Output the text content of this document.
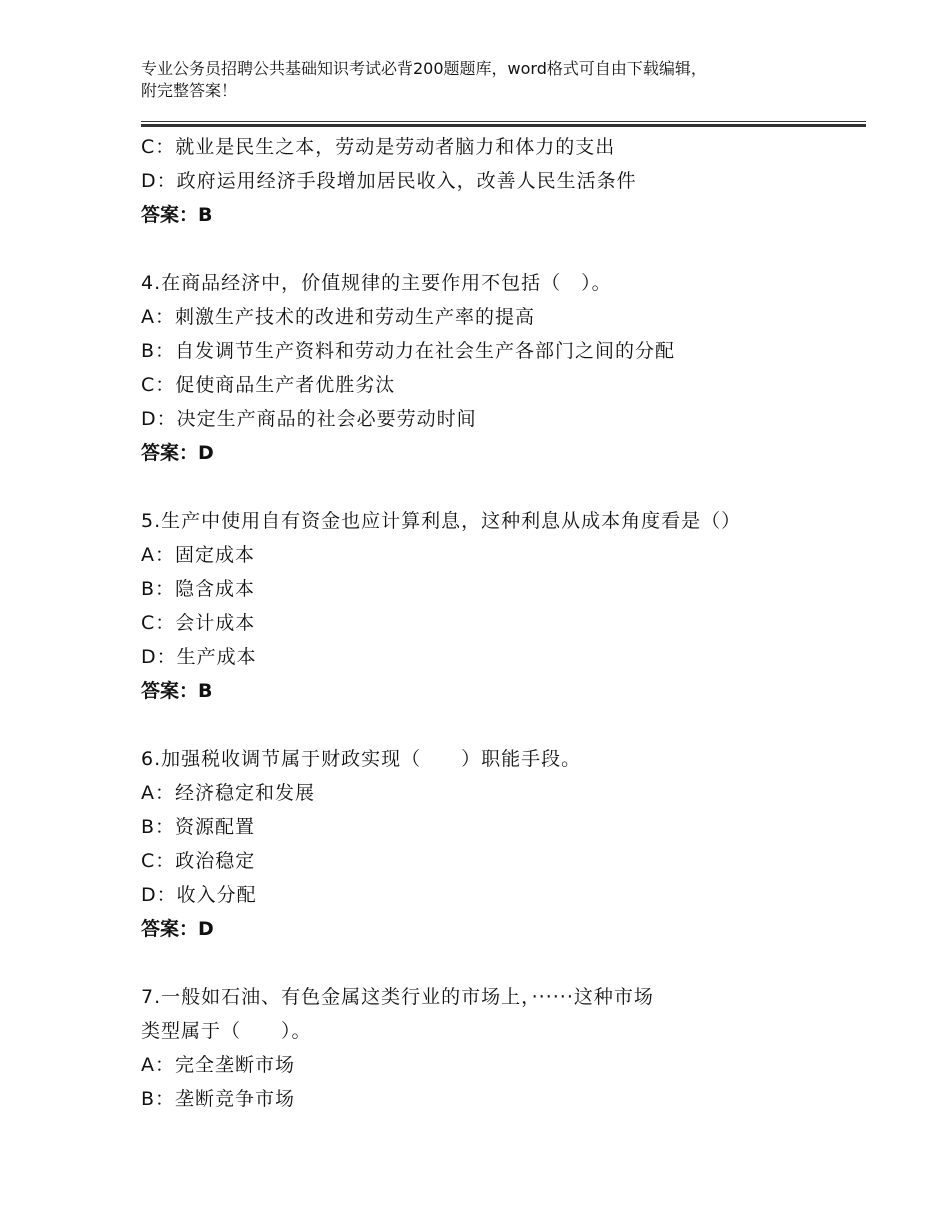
专业公务员招聘公共基础知识考试必背200题题库，word格式可自由下载编辑，
附完整答案！
C：就业是民生之本，劳动是劳动者脑力和体力的支出
D：政府运用经济手段增加居民收入，改善人民生活条件
答案：B
4.在商品经济中，价值规律的主要作用不包括（　）。
A：刺激生产技术的改进和劳动生产率的提高
B：自发调节生产资料和劳动力在社会生产各部门之间的分配
C：促使商品生产者优胜劣汰
D：决定生产商品的社会必要劳动时间
答案：D
5.生产中使用自有资金也应计算利息，这种利息从成本角度看是（）
A：固定成本
B：隐含成本
C：会计成本
D：生产成本
答案：B
6.加强税收调节属于财政实现（　　）职能手段。
A：经济稳定和发展
B：资源配置
C：政治稳定
D：收入分配
答案：D
7.一般如石油、有色金属这类行业的市场上，······这种市场
类型属于（　　）。
A：完全垄断市场
B：垄断竞争市场
